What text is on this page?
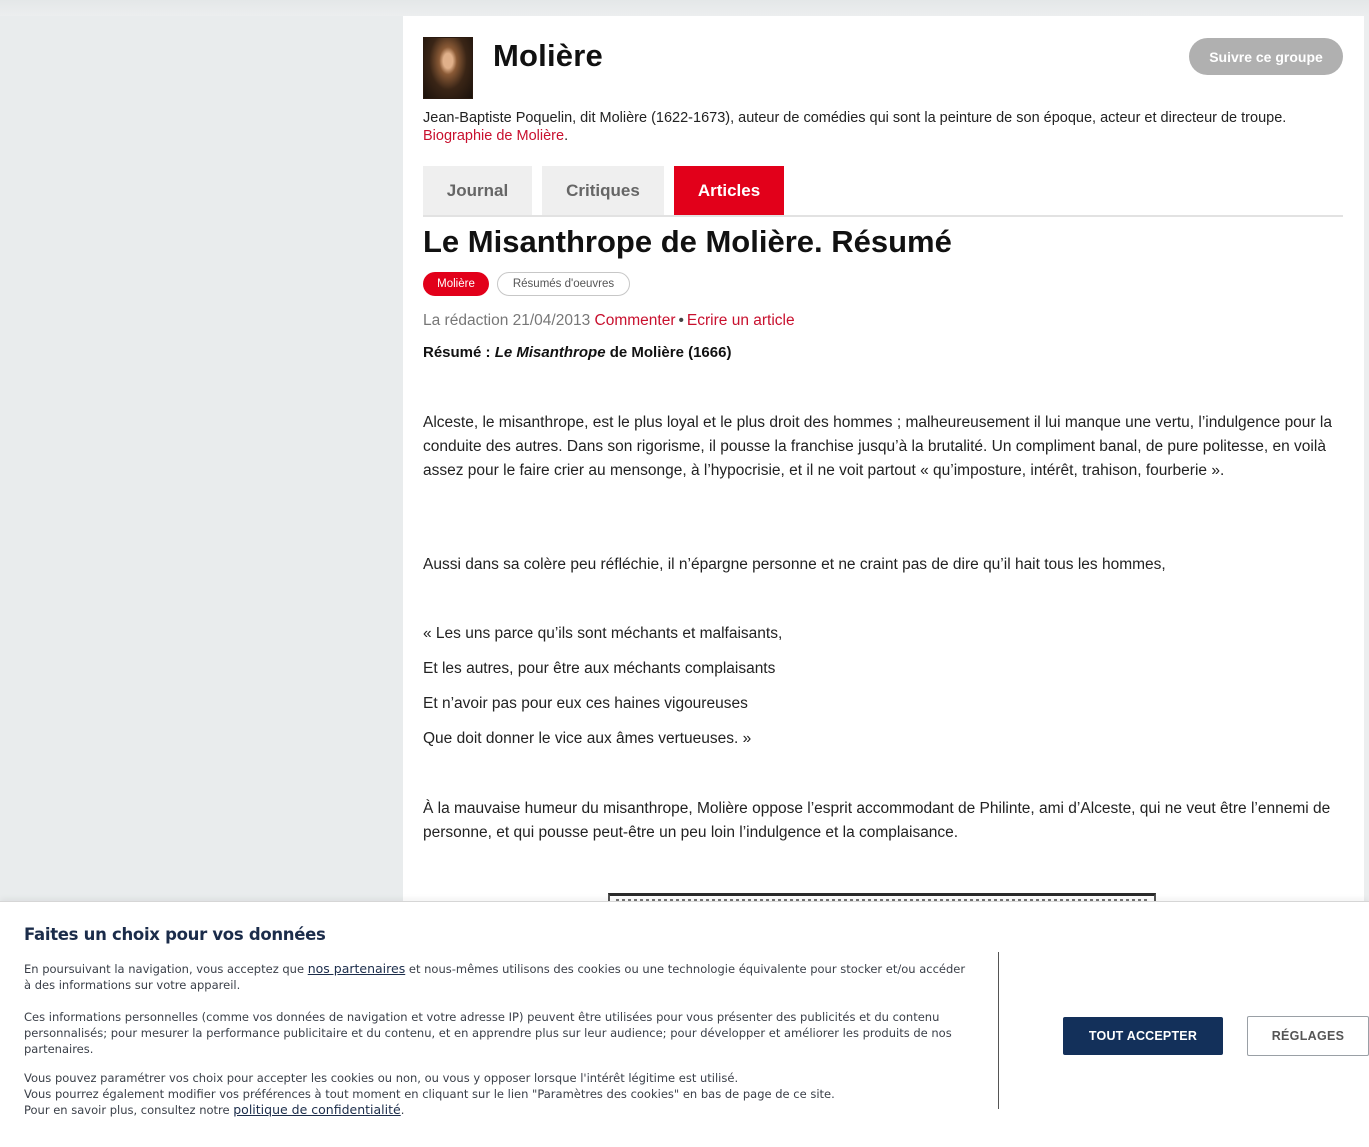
Molière	Suivre ce groupe

Jean-Baptiste Poquelin, dit Molière (1622-1673), auteur de comédies qui sont la peinture de son époque, acteur et directeur de troupe. Biographie de Molière.

Journal	Critiques	Articles
Le Misanthrope de Molière. Résumé
Molière	Résumés d'oeuvres
La rédaction 21/04/2013 Commenter • Ecrire un article

Résumé : Le Misanthrope de Molière (1666)

Alceste, le misanthrope, est le plus loyal et le plus droit des hommes ; malheureusement il lui manque une vertu, l’indulgence pour la conduite des autres. Dans son rigorisme, il pousse la franchise jusqu’à la brutalité. Un compliment banal, de pure politesse, en voilà assez pour le faire crier au mensonge, à l’hypocrisie, et il ne voit partout « qu’imposture, intérêt, trahison, fourberie ».

Aussi dans sa colère peu réfléchie, il n’épargne personne et ne craint pas de dire qu’il hait tous les hommes,

« Les uns parce qu’ils sont méchants et malfaisants,

Et les autres, pour être aux méchants complaisants

Et n’avoir pas pour eux ces haines vigoureuses

Que doit donner le vice aux âmes vertueuses. »

À la mauvaise humeur du misanthrope, Molière oppose l’esprit accommodant de Philinte, ami d’Alceste, qui ne veut être l’ennemi de personne, et qui pousse peut-être un peu loin l’indulgence et la complaisance.

Faites un choix pour vos données

En poursuivant la navigation, vous acceptez que nos partenaires et nous-mêmes utilisons des cookies ou une technologie équivalente pour stocker et/ou accéder à des informations sur votre appareil.

Ces informations personnelles (comme vos données de navigation et votre adresse IP) peuvent être utilisées pour vous présenter des publicités et du contenu personnalisés; pour mesurer la performance publicitaire et du contenu, et en apprendre plus sur leur audience; pour développer et améliorer les produits de nos partenaires.

Vous pouvez paramétrer vos choix pour accepter les cookies ou non, ou vous y opposer lorsque l'intérêt légitime est utilisé.
Vous pourrez également modifier vos préférences à tout moment en cliquant sur le lien "Paramètres des cookies" en bas de page de ce site.
Pour en savoir plus, consultez notre politique de confidentialité.

TOUT ACCEPTER	RÉGLAGES
